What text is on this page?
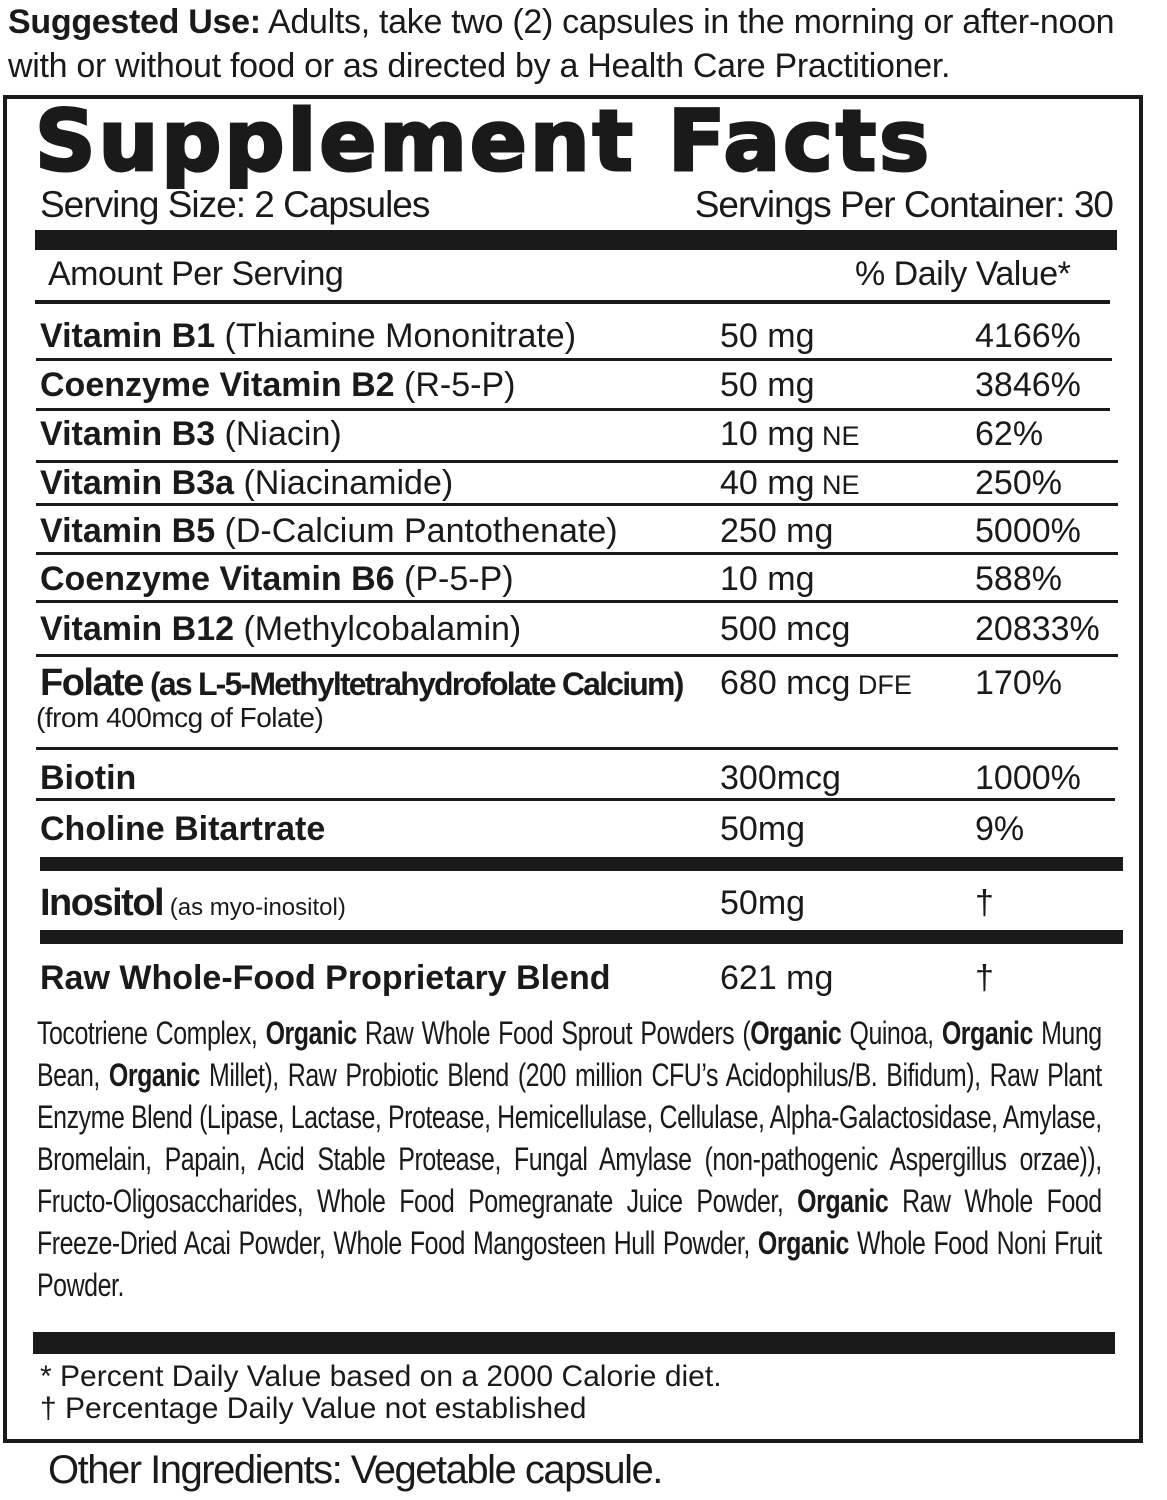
Suggested Use: Adults, take two (2) capsules in the morning or after-noon with or without food or as directed by a Health Care Practitioner.
Supplement Facts
Serving Size: 2 Capsules	Servings Per Container: 30
Amount Per Serving	% Daily Value*
Vitamin B1 (Thiamine Mononitrate)	50 mg	4166%
Coenzyme Vitamin B2 (R-5-P)	50 mg	3846%
Vitamin B3 (Niacin)	10 mg NE	62%
Vitamin B3a (Niacinamide)	40 mg NE	250%
Vitamin B5 (D-Calcium Pantothenate)	250 mg	5000%
Coenzyme Vitamin B6 (P-5-P)	10 mg	588%
Vitamin B12 (Methylcobalamin)	500 mcg	20833%
Folate (as L-5-Methyltetrahydrofolate Calcium) 680 mcg DFE 170%
(from 400mcg of Folate)
Biotin	300mcg	1000%
Choline Bitartrate	50mg	9%
Inositol (as myo-inositol)	50mg	†
Raw Whole-Food Proprietary Blend	621 mg	†
Tocotriene Complex, Organic Raw Whole Food Sprout Powders (Organic Quinoa, Organic Mung Bean, Organic Millet), Raw Probiotic Blend (200 million CFU’s Acidophilus/B. Bifidum), Raw Plant Enzyme Blend (Lipase, Lactase, Protease, Hemicellulase, Cellulase, Alpha-Galactosidase, Amylase, Bromelain, Papain, Acid Stable Protease, Fungal Amylase (non-pathogenic Aspergillus orzae)), Fructo-Oligosaccharides, Whole Food Pomegranate Juice Powder, Organic Raw Whole Food Freeze-Dried Acai Powder, Whole Food Mangosteen Hull Powder, Organic Whole Food Noni Fruit Powder.
* Percent Daily Value based on a 2000 Calorie diet.
† Percentage Daily Value not established
Other Ingredients: Vegetable capsule.
